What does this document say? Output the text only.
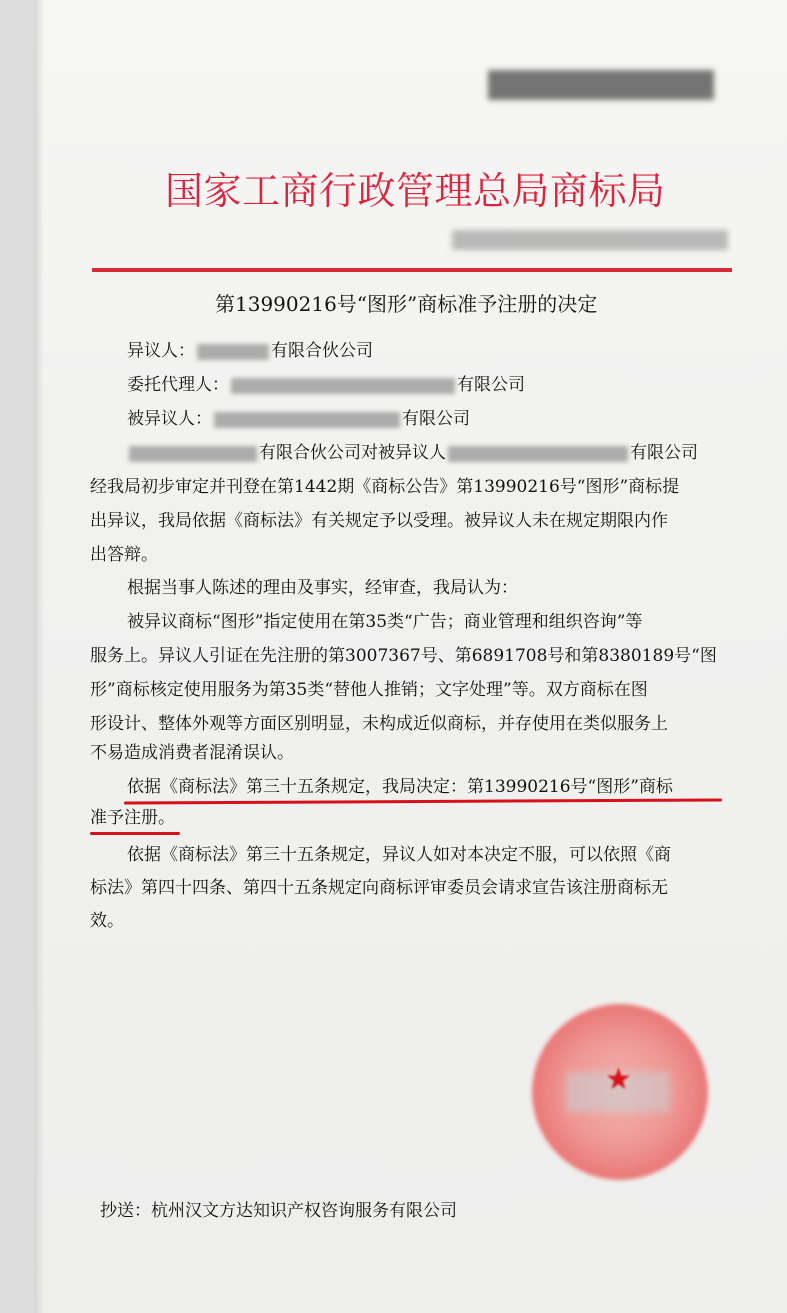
国家工商行政管理总局商标局
第13990216号“图形”商标准予注册的决定
异议人：	有限合伙公司
委托代理人：	有限公司
被异议人：	有限公司
有限合伙公司对被异议人	有限公司
经我局初步审定并刊登在第1442期《商标公告》第13990216号“图形”商标提
出异议，我局依据《商标法》有关规定予以受理。被异议人未在规定期限内作
出答辩。
根据当事人陈述的理由及事实，经审查，我局认为：
被异议商标“图形”指定使用在第35类“广告；商业管理和组织咨询”等
服务上。异议人引证在先注册的第3007367号、第6891708号和第8380189号“图
形”商标核定使用服务为第35类“替他人推销；文字处理”等。双方商标在图
形设计、整体外观等方面区别明显，未构成近似商标，并存使用在类似服务上
不易造成消费者混淆误认。
依据《商标法》第三十五条规定，我局决定：第13990216号“图形”商标
准予注册。
依据《商标法》第三十五条规定，异议人如对本决定不服，可以依照《商
标法》第四十四条、第四十五条规定向商标评审委员会请求宣告该注册商标无
效。
★
抄送：杭州汉文方达知识产权咨询服务有限公司
